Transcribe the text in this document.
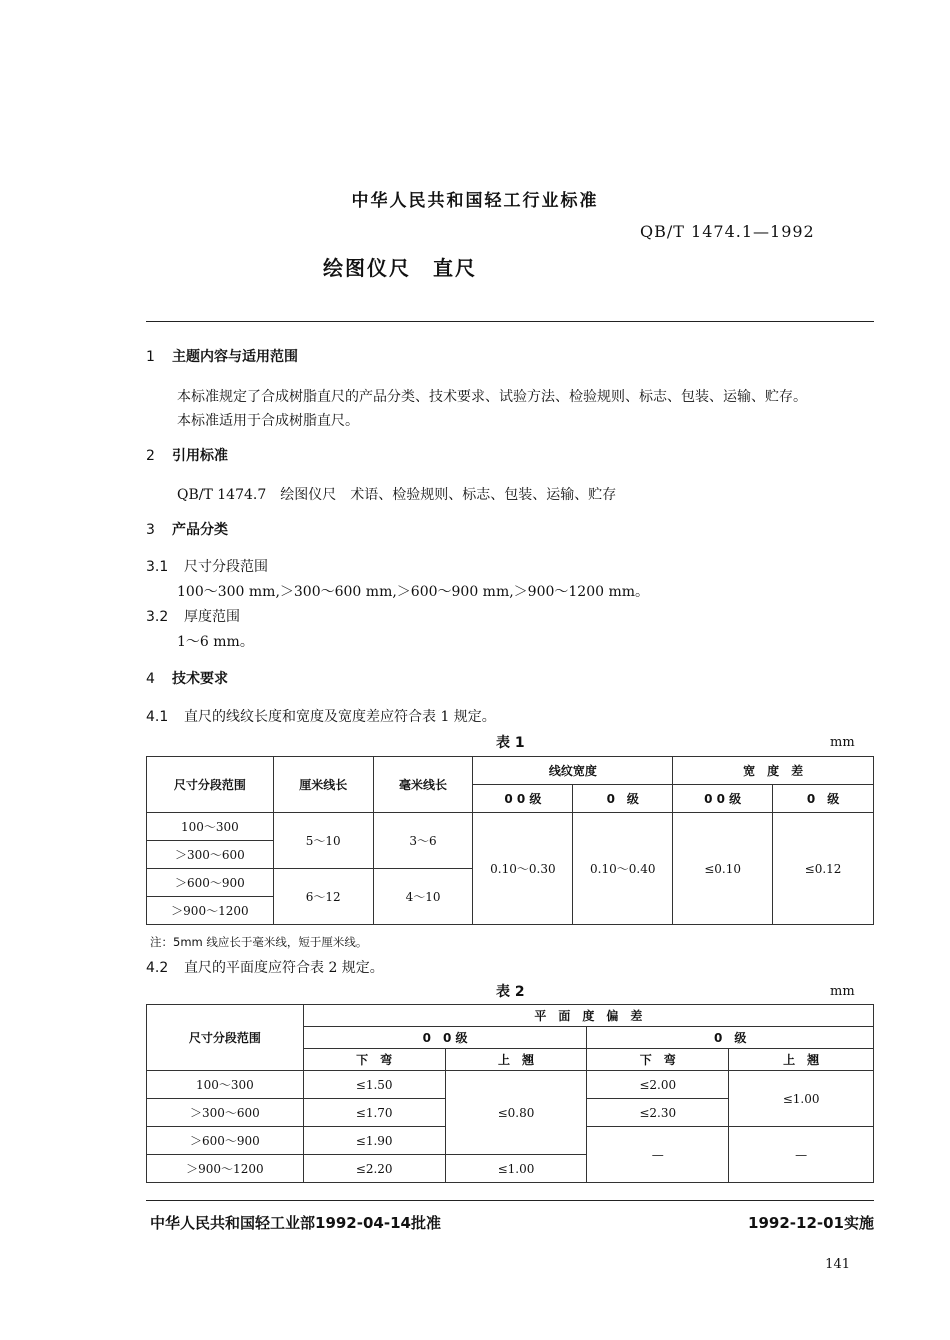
中华人民共和国轻工行业标准
QB/T 1474.1—1992
绘图仪尺　直尺
1 主题内容与适用范围
本标准规定了合成树脂直尺的产品分类、技术要求、试验方法、检验规则、标志、包装、运输、贮存。
本标准适用于合成树脂直尺。
2 引用标准
QB/T 1474.7　绘图仪尺　术语、检验规则、标志、包装、运输、贮存
3 产品分类
3.1 尺寸分段范围
100～300 mm,＞300～600 mm,＞600～900 mm,＞900～1200 mm。
3.2 厚度范围
1～6 mm。
4 技术要求
4.1 直尺的线纹长度和宽度及宽度差应符合表 1 规定。
表 1	mm
尺寸分段范围	厘米线长	毫米线长	线纹宽度		宽　度　差	
			0 0 级	0　级	0 0 级	0　级
100～300	5～10	3～6	0.10～0.30	0.10～0.40	≤0.10	≤0.12
＞300～600						
＞600～900	6～12	4～10				
＞900～1200						
注：5mm 线应长于毫米线，短于厘米线。
4.2 直尺的平面度应符合表 2 规定。
表 2	mm
尺寸分段范围	平　面　度　偏　差			
	0　0 级		0　级	
	下　弯	上　翘	下　弯	上　翘
100～300	≤1.50	≤0.80	≤2.00	≤1.00
＞300～600	≤1.70		≤2.30	
＞600～900	≤1.90		—	—
＞900～1200	≤2.20	≤1.00		
中华人民共和国轻工业部1992-04-14批准	1992-12-01实施
141
